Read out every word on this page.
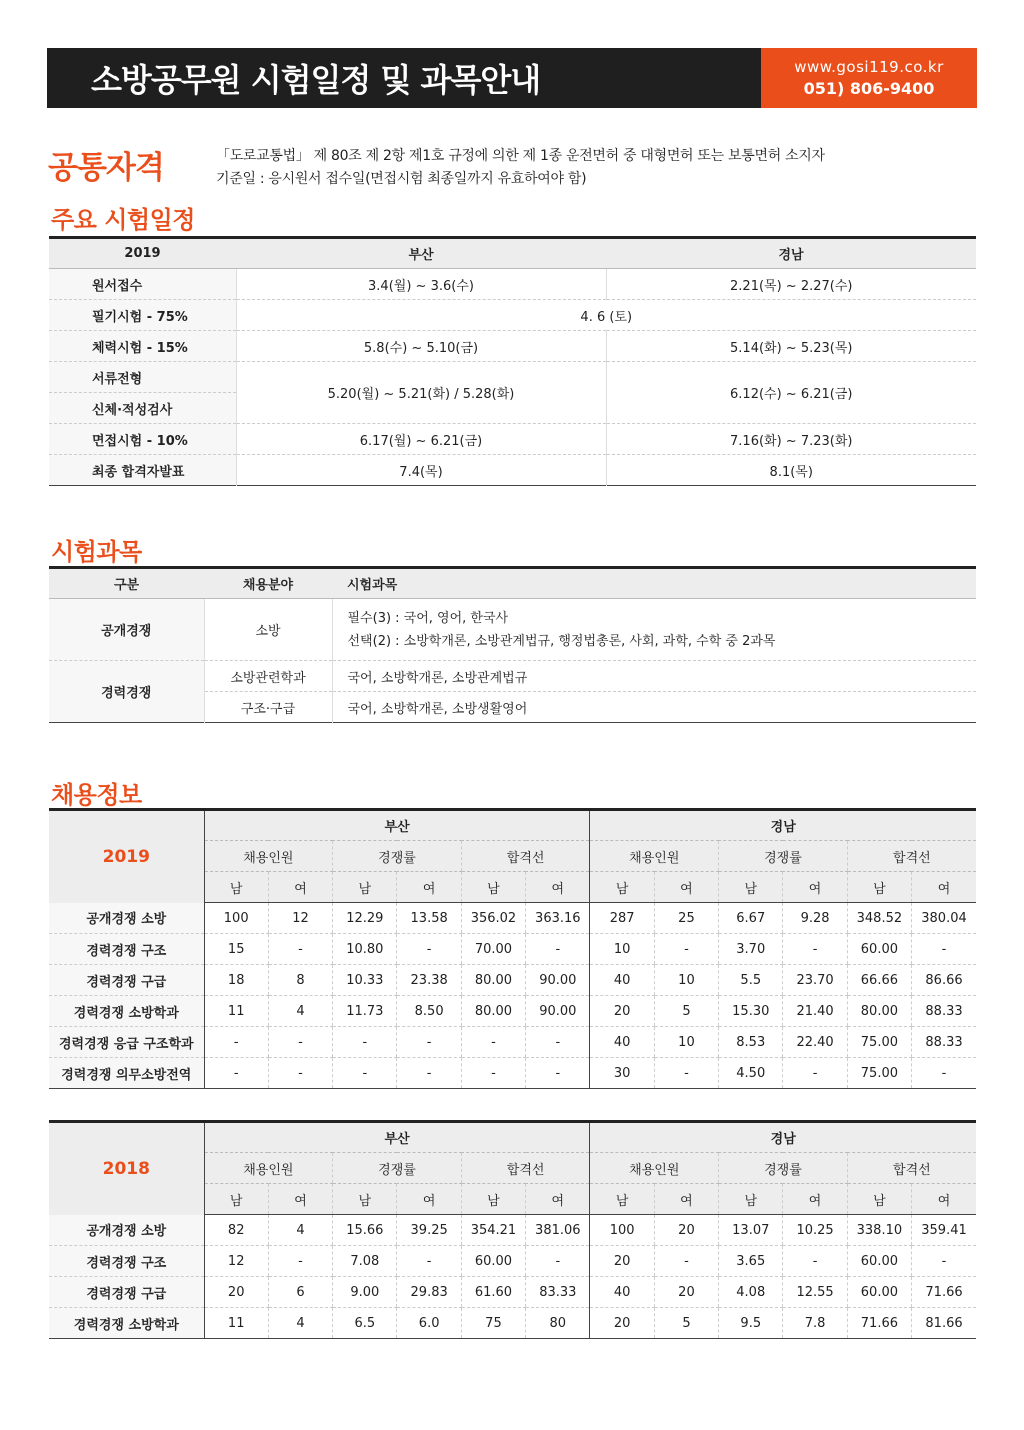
소방공무원 시험일정 및 과목안내	www.gosi119.co.kr
051) 806-9400
공통자격	「도로교통법」 제 80조 제 2항 제1호 규정에 의한 제 1종 운전면허 중 대형면허 또는 보통면허 소지자
기준일 : 응시원서 접수일(면접시험 최종일까지 유효하여야 함)
주요 시험일정
2019	부산	경남
원서접수	3.4(월) ~ 3.6(수)	2.21(목) ~ 2.27(수)
필기시험 - 75%	4. 6 (토)	
체력시험 - 15%	5.8(수) ~ 5.10(금)	5.14(화) ~ 5.23(목)
서류전형	5.20(월) ~ 5.21(화) / 5.28(화)	6.12(수) ~ 6.21(금)
신체·적성검사		
면접시험 - 10%	6.17(월) ~ 6.21(금)	7.16(화) ~ 7.23(화)
최종 합격자발표	7.4(목)	8.1(목)
시험과목
구분	채용분야	시험과목
공개경쟁	소방	필수(3) : 국어, 영어, 한국사
선택(2) : 소방학개론, 소방관계법규, 행정법총론, 사회, 과학, 수학 중 2과목

경력경쟁	소방관련학과	국어, 소방학개론, 소방관계법규
	구조·구급	국어, 소방학개론, 소방생활영어
채용정보
2019	부산						경남					
	채용인원		경쟁률		합격선		채용인원		경쟁률		합격선	
	남	여	남	여	남	여	남	여	남	여	남	여
공개경쟁 소방	100	12	12.29	13.58	356.02	363.16	287	25	6.67	9.28	348.52	380.04
경력경쟁 구조	15	-	10.80	-	70.00	-	10	-	3.70	-	60.00	-
경력경쟁 구급	18	8	10.33	23.38	80.00	90.00	40	10	5.5	23.70	66.66	86.66
경력경쟁 소방학과	11	4	11.73	8.50	80.00	90.00	20	5	15.30	21.40	80.00	88.33
경력경쟁 응급 구조학과	-	-	-	-	-	-	40	10	8.53	22.40	75.00	88.33
경력경쟁 의무소방전역	-	-	-	-	-	-	30	-	4.50	-	75.00	-
2018	부산						경남					
	채용인원		경쟁률		합격선		채용인원		경쟁률		합격선	
	남	여	남	여	남	여	남	여	남	여	남	여
공개경쟁 소방	82	4	15.66	39.25	354.21	381.06	100	20	13.07	10.25	338.10	359.41
경력경쟁 구조	12	-	7.08	-	60.00	-	20	-	3.65	-	60.00	-
경력경쟁 구급	20	6	9.00	29.83	61.60	83.33	40	20	4.08	12.55	60.00	71.66
경력경쟁 소방학과	11	4	6.5	6.0	75	80	20	5	9.5	7.8	71.66	81.66
